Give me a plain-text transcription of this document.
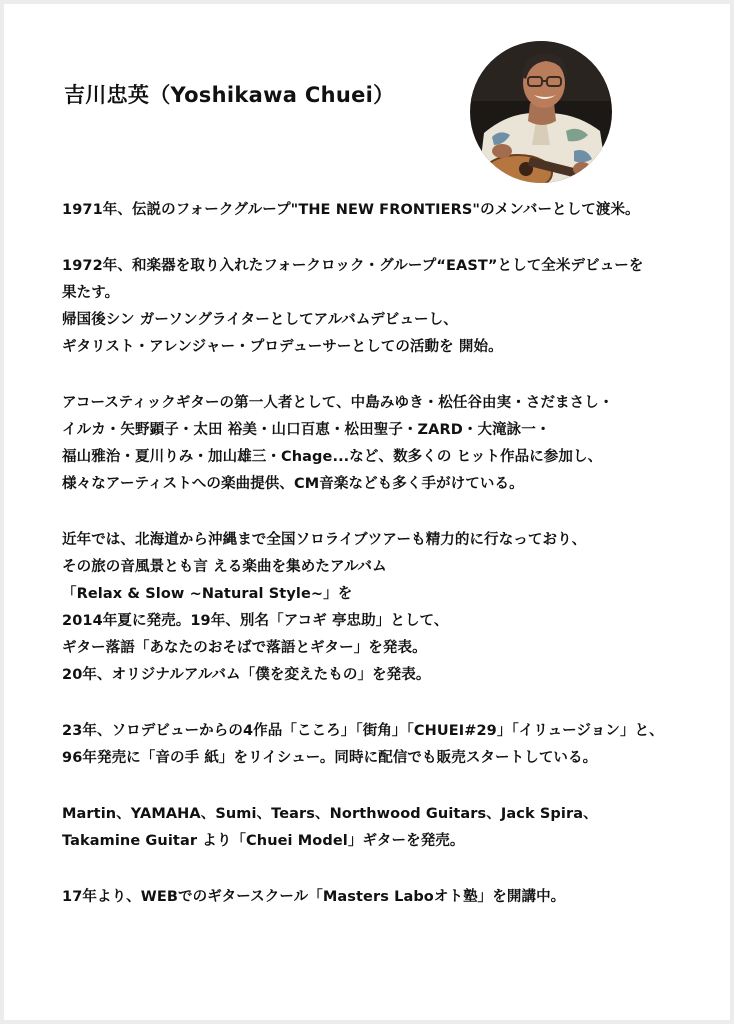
吉川忠英（Yoshikawa Chuei）

1971年、伝説のフォークグループ"THE NEW FRONTIERS"のメンバーとして渡米。

1972年、和楽器を取り入れたフォークロック・グループ“EAST”として全米デビューを
果たす。
帰国後シン ガーソングライターとしてアルバムデビューし、
ギタリスト・アレンジャー・プロデューサーとしての活動を 開始。

アコースティックギターの第一人者として、中島みゆき・松任谷由実・さだまさし・
イルカ・矢野顕子・太田 裕美・山口百恵・松田聖子・ZARD・大滝詠一・
福山雅治・夏川りみ・加山雄三・Chage...など、数多くの ヒット作品に参加し、
様々なアーティストへの楽曲提供、CM音楽なども多く手がけている。

近年では、北海道から沖縄まで全国ソロライブツアーも精力的に行なっており、
その旅の音風景とも言 える楽曲を集めたアルバム
「Relax & Slow ~Natural Style~」を
2014年夏に発売。19年、別名「アコギ 亭忠助」として、
ギター落語「あなたのおそばで落語とギター」を発表。
20年、オリジナルアルバム「僕を変えたもの」を発表。

23年、ソロデビューからの4作品「こころ」「街角」「CHUEI#29」「イリュージョン」と、
96年発売に「音の手 紙」をリイシュー。同時に配信でも販売スタートしている。

Martin、YAMAHA、Sumi、Tears、Northwood Guitars、Jack Spira、
Takamine Guitar より「Chuei Model」ギターを発売。

17年より、WEBでのギタースクール「Masters Laboオト塾」を開講中。
